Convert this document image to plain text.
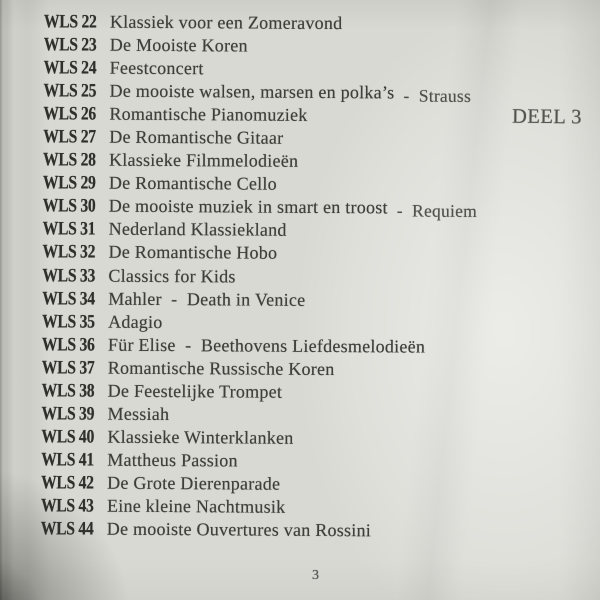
WLS 22 Klassiek voor een Zomeravond
WLS 23 De Mooiste Koren
WLS 24 Feestconcert
WLS 25 De mooiste walsen, marsen en polka’s -  Strauss
WLS 26 Romantische Pianomuziek
WLS 27 De Romantische Gitaar
WLS 28 Klassieke Filmmelodieën
WLS 29 De Romantische Cello
WLS 30 De mooiste muziek in smart en troost -  Requiem
WLS 31 Nederland Klassiekland
WLS 32 De Romantische Hobo
WLS 33 Classics for Kids
WLS 34 Mahler  -  Death in Venice
WLS 35 Adagio
WLS 36 Für Elise  -  Beethovens Liefdesmelodieën
WLS 37 Romantische Russische Koren
WLS 38 De Feestelijke Trompet
WLS 39 Messiah
WLS 40 Klassieke Winterklanken
WLS 41 Mattheus Passion
WLS 42 De Grote Dierenparade
WLS 43 Eine kleine Nachtmusik
WLS 44 De mooiste Ouvertures van Rossini
DEEL 3
3
